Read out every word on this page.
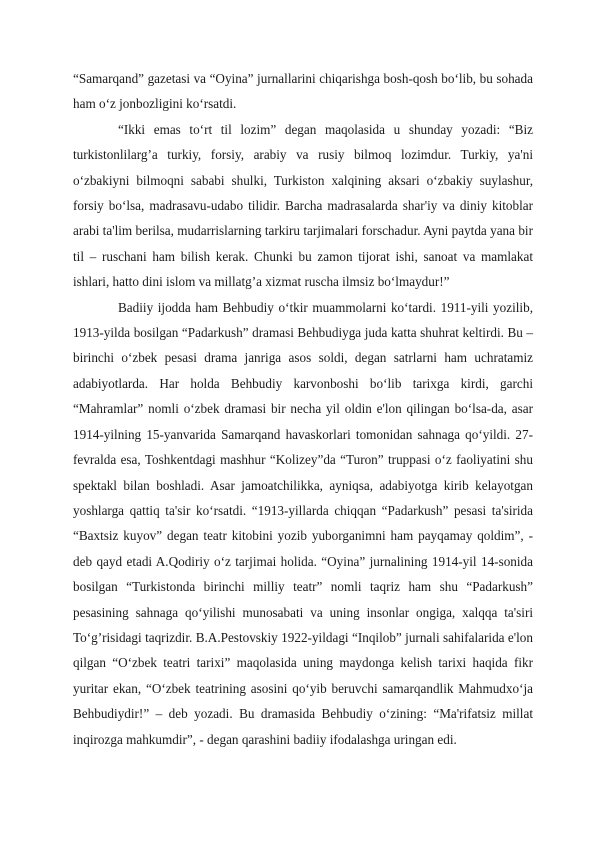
“Samarqand” gazetasi va “Oyina” jurnallarini chiqarishga bosh-qosh bo‘lib, bu sohada ham o‘z jonbozligini ko‘rsatdi.

“Ikki emas to‘rt til lozim” degan maqolasida u shunday yozadi: “Biz turkistonlilarg’a turkiy, forsiy, arabiy va rusiy bilmoq lozimdur. Turkiy, ya'ni o‘zbakiyni bilmoqni sababi shulki, Turkiston xalqining aksari o‘zbakiy suylashur, forsiy bo‘lsa, madrasavu-udabo tilidir. Barcha madrasalarda shar'iy va diniy kitoblar arabi ta'lim berilsa, mudarrislarning tarkiru tarjimalari forschadur. Ayni paytda yana bir til – ruschani ham bilish kerak. Chunki bu zamon tijorat ishi, sanoat va mamlakat ishlari, hatto dini islom va millatg’a xizmat ruscha ilmsiz bo‘lmaydur!”

Badiiy ijodda ham Behbudiy o‘tkir muammolarni ko‘tardi. 1911-yili yozilib, 1913-yilda bosilgan “Padarkush” dramasi Behbudiyga juda katta shuhrat keltirdi. Bu – birinchi o‘zbek pesasi drama janriga asos soldi, degan satrlarni ham uchratamiz adabiyotlarda. Har holda Behbudiy karvonboshi bo‘lib tarixga kirdi, garchi “Mahramlar” nomli o‘zbek dramasi bir necha yil oldin e'lon qilingan bo‘lsa-da, asar 1914-yilning 15-yanvarida Samarqand havaskorlari tomonidan sahnaga qo‘yildi. 27-fevralda esa, Toshkentdagi mashhur “Kolizey”da “Turon” truppasi o‘z faoliyatini shu spektakl bilan boshladi. Asar jamoatchilikka, ayniqsa, adabiyotga kirib kelayotgan yoshlarga qattiq ta'sir ko‘rsatdi. “1913-yillarda chiqqan “Padarkush” pesasi ta'sirida “Baxtsiz kuyov” degan teatr kitobini yozib yuborganimni ham payqamay qoldim”, - deb qayd etadi A.Qodiriy o‘z tarjimai holida. “Oyina” jurnalining 1914-yil 14-sonida bosilgan “Turkistonda birinchi milliy teatr” nomli taqriz ham shu “Padarkush” pesasining sahnaga qo‘yilishi munosabati va uning insonlar ongiga, xalqqa ta'siri To‘g’risidagi taqrizdir. B.A.Pestovskiy 1922-yildagi “Inqilob” jurnali sahifalarida e'lon qilgan “O‘zbek teatri tarixi” maqolasida uning maydonga kelish tarixi haqida fikr yuritar ekan, “O‘zbek teatrining asosini qo‘yib beruvchi samarqandlik Mahmudxo‘ja Behbudiydir!” – deb yozadi. Bu dramasida Behbudiy o‘zining: “Ma'rifatsiz millat inqirozga mahkumdir”, - degan qarashini badiiy ifodalashga uringan edi.
